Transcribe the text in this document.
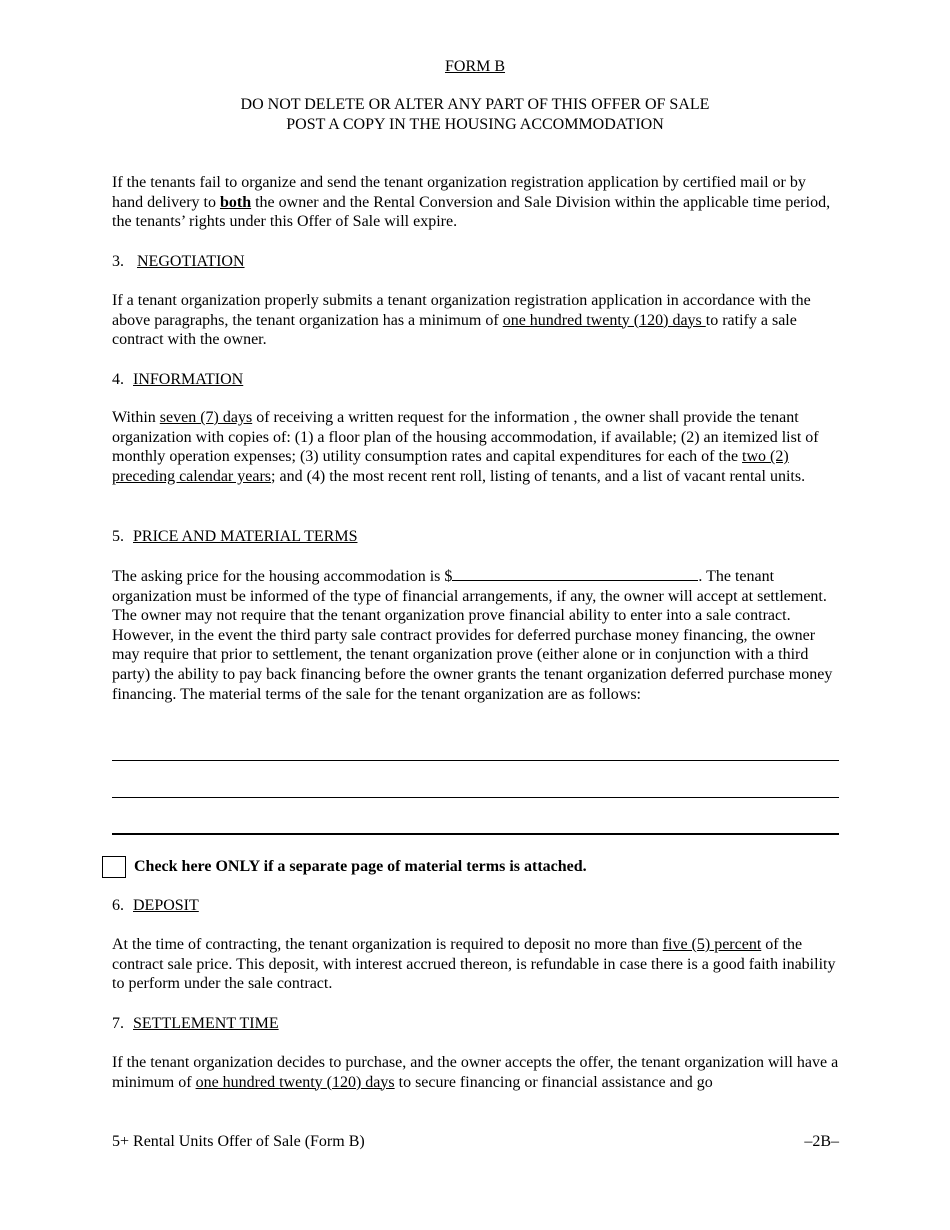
FORM B
DO NOT DELETE OR ALTER ANY PART OF THIS OFFER OF SALE
POST A COPY IN THE HOUSING ACCOMMODATION
If the tenants fail to organize and send the tenant organization registration application by certified mail or by hand delivery to both the owner and the Rental Conversion and Sale Division within the applicable time period, the tenants’ rights under this Offer of Sale will expire.
3. NEGOTIATION
If a tenant organization properly submits a tenant organization registration application in accordance with the above paragraphs, the tenant organization has a minimum of one hundred twenty (120) days to ratify a sale contract with the owner.
4. INFORMATION
Within seven (7) days of receiving a written request for the information , the owner shall provide the tenant organization with copies of: (1) a floor plan of the housing accommodation, if available; (2) an itemized list of monthly operation expenses; (3) utility consumption rates and capital expenditures for each of the two (2) preceding calendar years; and (4) the most recent rent roll, listing of tenants, and a list of vacant rental units.
5. PRICE AND MATERIAL TERMS
The asking price for the housing accommodation is $	. The tenant organization must be informed of the type of financial arrangements, if any, the owner will accept at settlement. The owner may not require that the tenant organization prove financial ability to enter into a sale contract. However, in the event the third party sale contract provides for deferred purchase money financing, the owner may require that prior to settlement, the tenant organization prove (either alone or in conjunction with a third party) the ability to pay back financing before the owner grants the tenant organization deferred purchase money financing. The material terms of the sale for the tenant organization are as follows:
Check here ONLY if a separate page of material terms is attached.
6. DEPOSIT
At the time of contracting, the tenant organization is required to deposit no more than five (5) percent of the contract sale price. This deposit, with interest accrued thereon, is refundable in case there is a good faith inability to perform under the sale contract.
7. SETTLEMENT TIME
If the tenant organization decides to purchase, and the owner accepts the offer, the tenant organization will have a minimum of one hundred twenty (120) days to secure financing or financial assistance and go
5+ Rental Units Offer of Sale (Form B)	–2B–
